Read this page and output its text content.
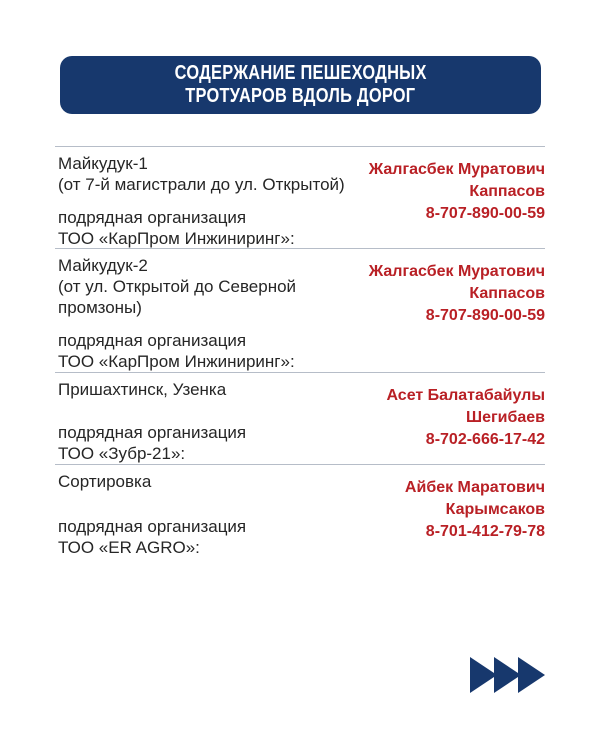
СОДЕРЖАНИЕ ПЕШЕХОДНЫХ
ТРОТУАРОВ ВДОЛЬ ДОРОГ
Майкудук-1
(от 7-й магистрали до ул. Открытой)
подрядная организация
ТОО «КарПром Инжиниринг»:
Жалгасбек Муратович
Каппасов
8-707-890-00-59
Майкудук-2
(от ул. Открытой до Северной
промзоны)
подрядная организация
ТОО «КарПром Инжиниринг»:
Жалгасбек Муратович
Каппасов
8-707-890-00-59
Пришахтинск, Узенка
подрядная организация
ТОО «Зубр-21»:
Асет Балатабайулы
Шегибаев
8-702-666-17-42
Сортировка
подрядная организация
ТОО «ER AGRO»:
Айбек Маратович
Карымсаков
8-701-412-79-78
